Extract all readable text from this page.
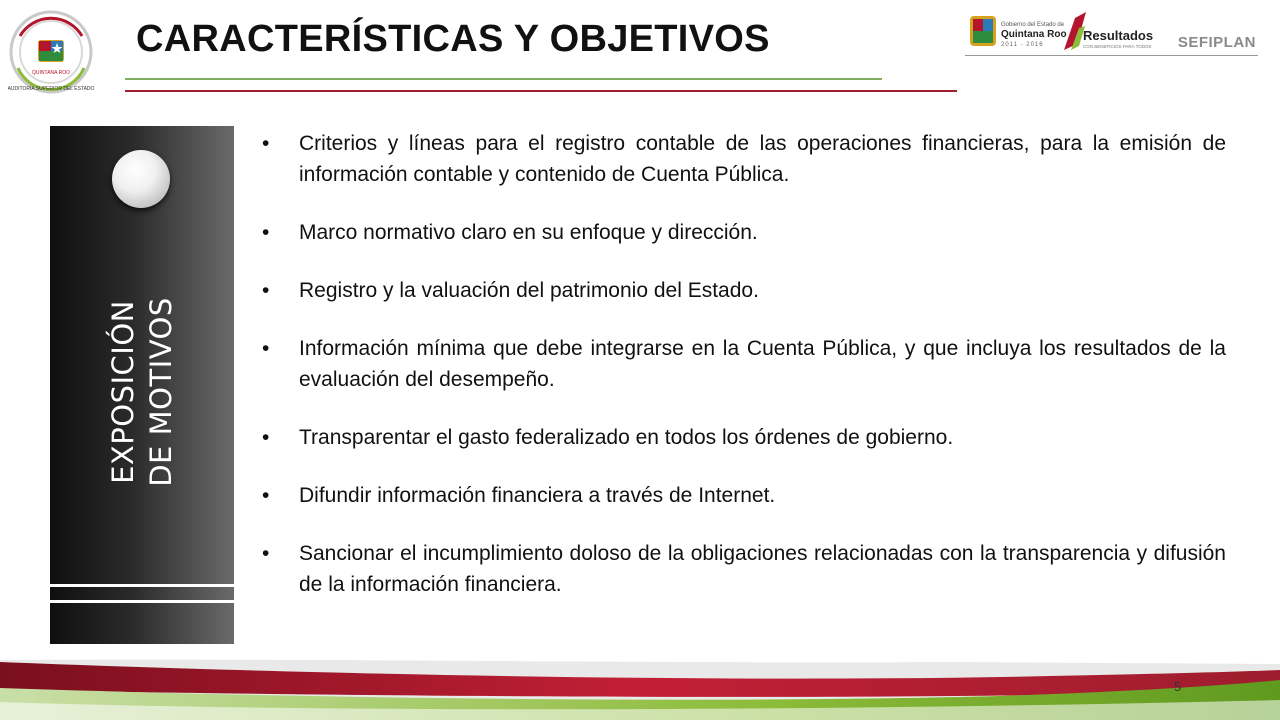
QUINTANA ROO
AUDITORÍA SUPERIOR DEL ESTADO
CARACTERÍSTICAS Y OBJETIVOS	Gobierno del Estado de
Quintana Roo
2011 - 2016
Resultados
CON BENEFICIOS PARA TODOS SEFIPLAN
EXPOSICIÓN DE MOTIVOS
• Criterios y líneas para el registro contable de las operaciones financieras, para la emisión de información contable y contenido de Cuenta Pública.
• Marco normativo claro en su enfoque y dirección.
• Registro y la valuación del patrimonio del Estado.
• Información mínima que debe integrarse en la Cuenta Pública, y que incluya los resultados de la evaluación del desempeño.
• Transparentar el gasto federalizado en todos los órdenes de gobierno.
• Difundir información financiera a través de Internet.
• Sancionar el incumplimiento doloso de la obligaciones relacionadas con la transparencia y difusión de la información financiera.
5
